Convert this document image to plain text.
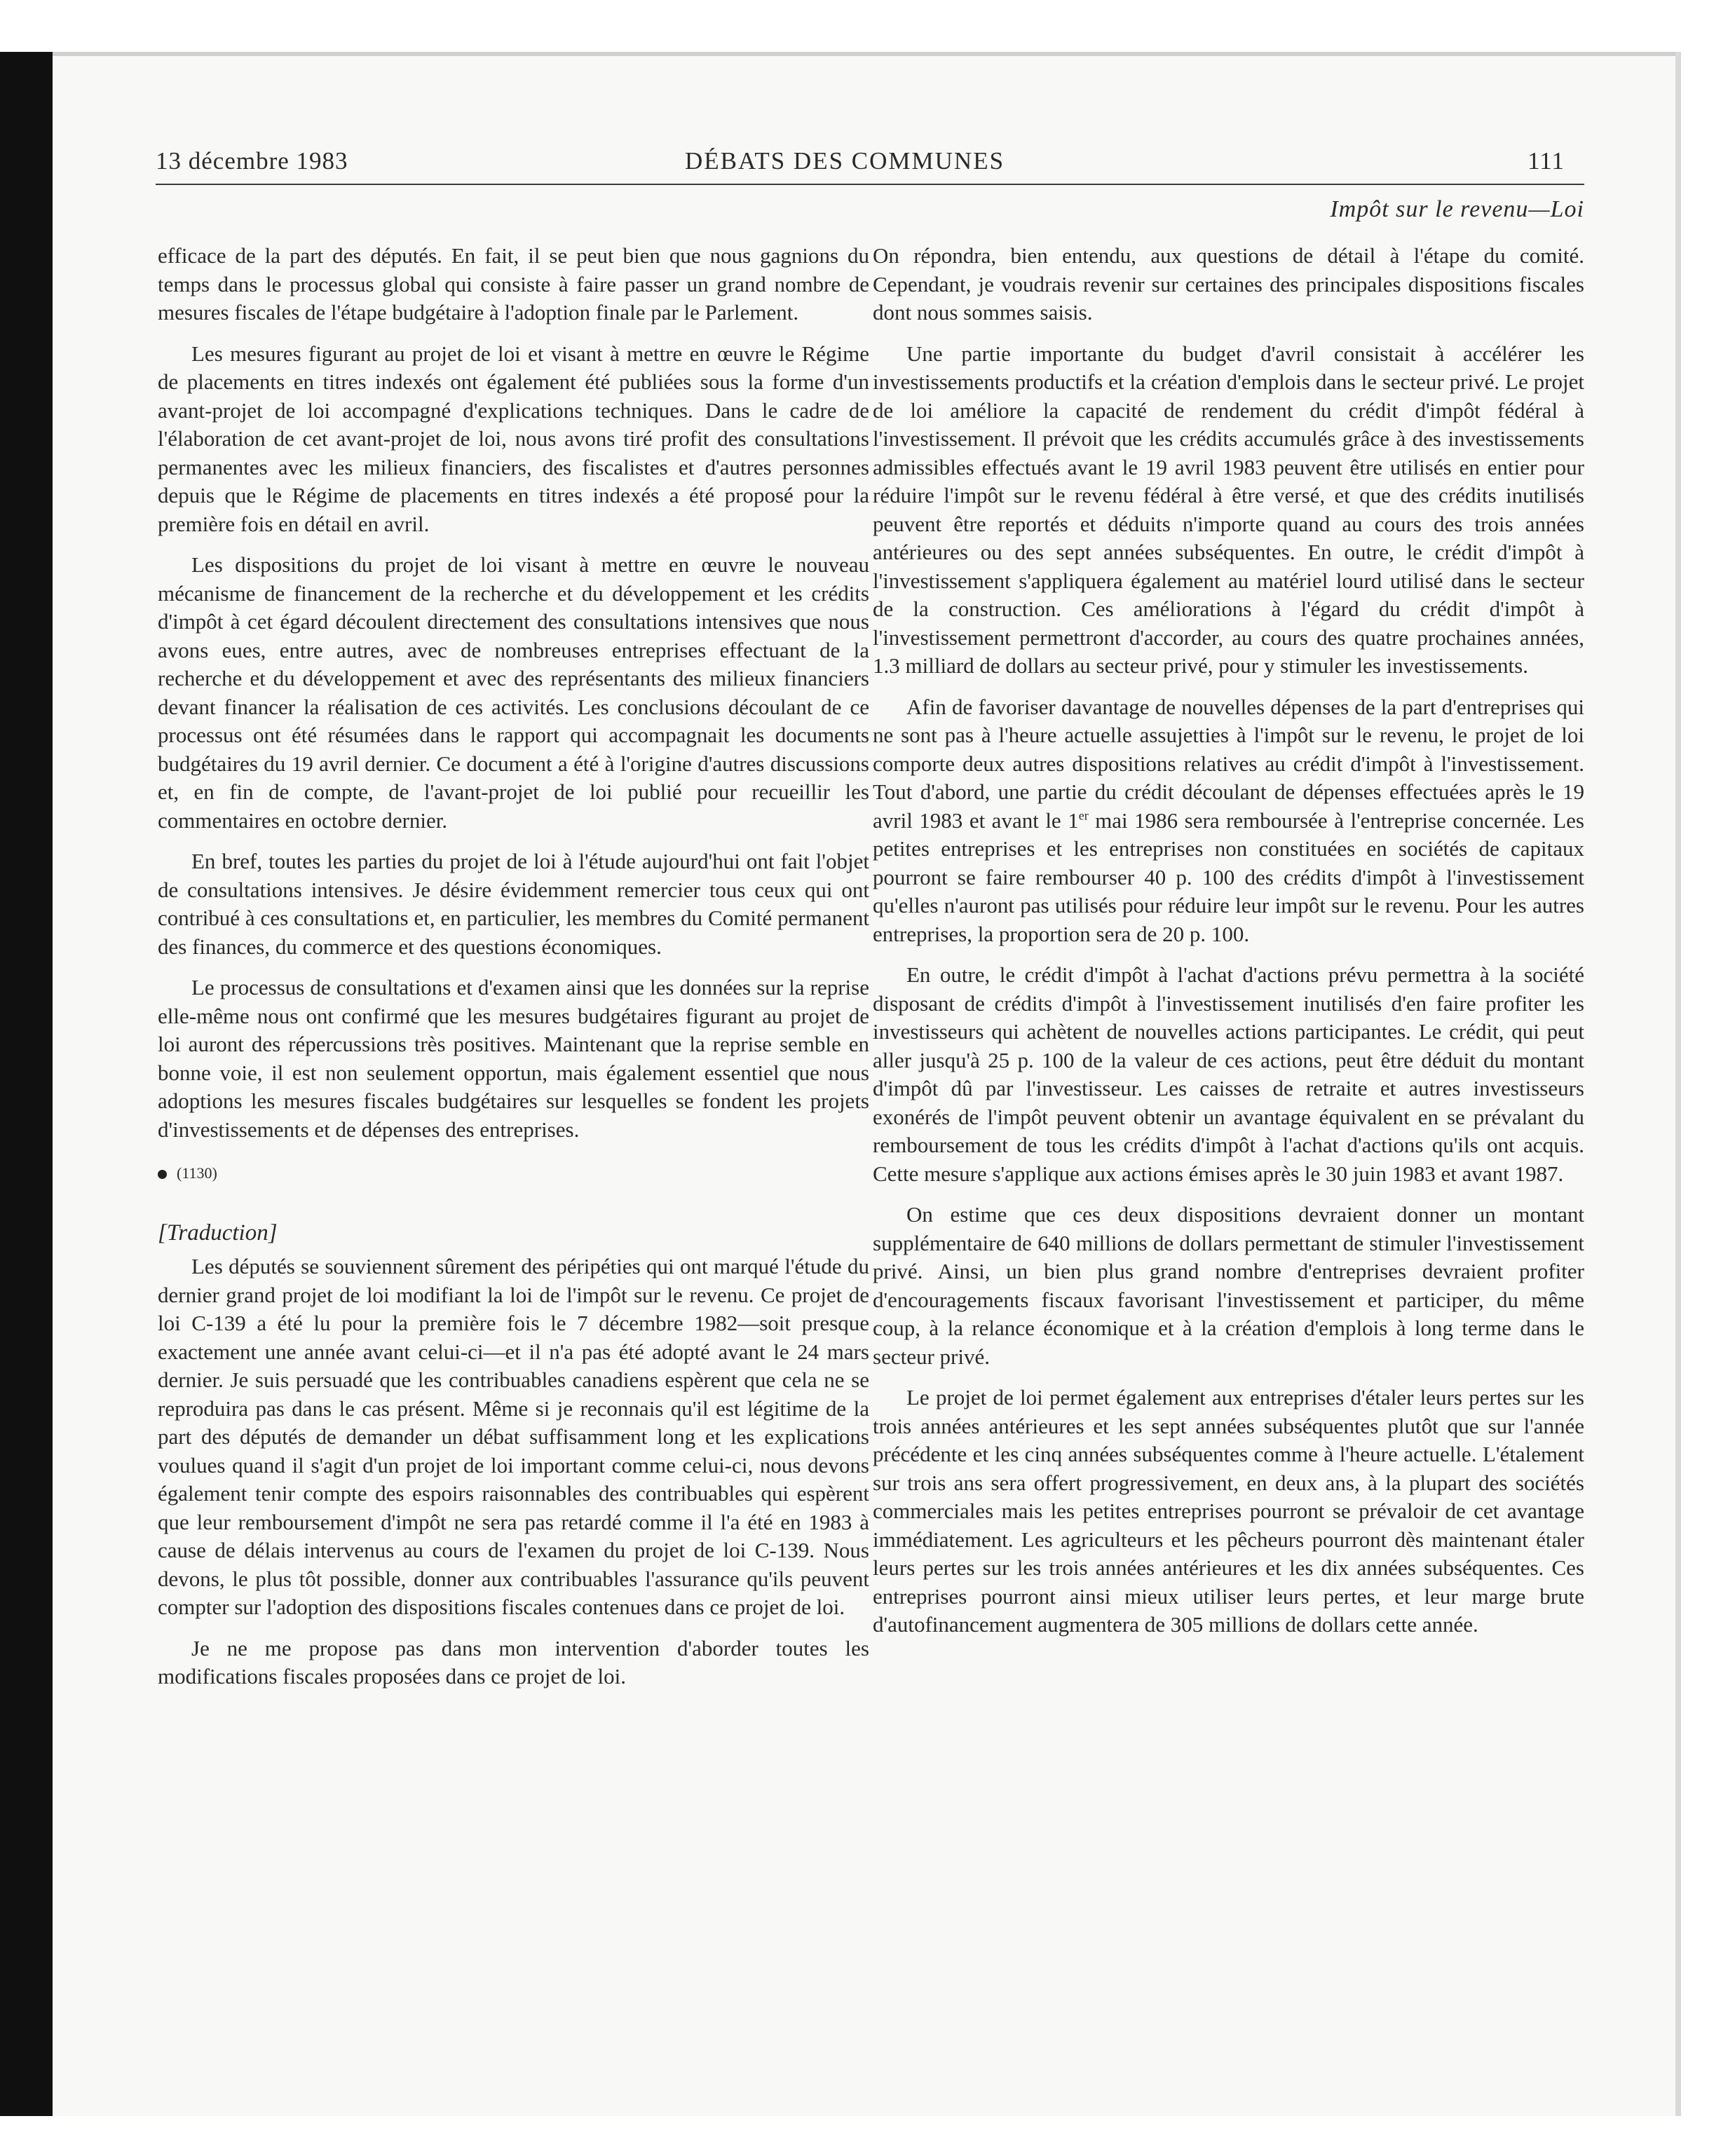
13 décembre 1983	DÉBATS DES COMMUNES	111
Impôt sur le revenu—Loi

efficace de la part des députés. En fait, il se peut bien que nous gagnions du temps dans le processus global qui consiste à faire passer un grand nombre de mesures fiscales de l'étape budgétaire à l'adoption finale par le Parlement.

Les mesures figurant au projet de loi et visant à mettre en œuvre le Régime de placements en titres indexés ont également été publiées sous la forme d'un avant-projet de loi accompagné d'explications techniques. Dans le cadre de l'élaboration de cet avant-projet de loi, nous avons tiré profit des consultations permanentes avec les milieux financiers, des fiscalistes et d'autres personnes depuis que le Régime de placements en titres indexés a été proposé pour la première fois en détail en avril.

Les dispositions du projet de loi visant à mettre en œuvre le nouveau mécanisme de financement de la recherche et du développement et les crédits d'impôt à cet égard découlent directement des consultations intensives que nous avons eues, entre autres, avec de nombreuses entreprises effectuant de la recherche et du développement et avec des représentants des milieux financiers devant financer la réalisation de ces activités. Les conclusions découlant de ce processus ont été résumées dans le rapport qui accompagnait les documents budgétaires du 19 avril dernier. Ce document a été à l'origine d'autres discussions et, en fin de compte, de l'avant-projet de loi publié pour recueillir les commentaires en octobre dernier.

En bref, toutes les parties du projet de loi à l'étude aujourd'hui ont fait l'objet de consultations intensives. Je désire évidemment remercier tous ceux qui ont contribué à ces consultations et, en particulier, les membres du Comité permanent des finances, du commerce et des questions économiques.

Le processus de consultations et d'examen ainsi que les données sur la reprise elle-même nous ont confirmé que les mesures budgétaires figurant au projet de loi auront des répercussions très positives. Maintenant que la reprise semble en bonne voie, il est non seulement opportun, mais également essentiel que nous adoptions les mesures fiscales budgétaires sur lesquelles se fondent les projets d'investissements et de dépenses des entreprises.

(1130)
[Traduction]

Les députés se souviennent sûrement des péripéties qui ont marqué l'étude du dernier grand projet de loi modifiant la loi de l'impôt sur le revenu. Ce projet de loi C-139 a été lu pour la première fois le 7 décembre 1982—soit presque exactement une année avant celui-ci—et il n'a pas été adopté avant le 24 mars dernier. Je suis persuadé que les contribuables canadiens espèrent que cela ne se reproduira pas dans le cas présent. Même si je reconnais qu'il est légitime de la part des députés de demander un débat suffisamment long et les explications voulues quand il s'agit d'un projet de loi important comme celui-ci, nous devons également tenir compte des espoirs raisonnables des contribuables qui espèrent que leur remboursement d'impôt ne sera pas retardé comme il l'a été en 1983 à cause de délais intervenus au cours de l'examen du projet de loi C-139. Nous devons, le plus tôt possible, donner aux contribuables l'assurance qu'ils peuvent compter sur l'adoption des dispositions fiscales contenues dans ce projet de loi.

Je ne me propose pas dans mon intervention d'aborder toutes les modifications fiscales proposées dans ce projet de loi.

On répondra, bien entendu, aux questions de détail à l'étape du comité. Cependant, je voudrais revenir sur certaines des principales dispositions fiscales dont nous sommes saisis.

Une partie importante du budget d'avril consistait à accélérer les investissements productifs et la création d'emplois dans le secteur privé. Le projet de loi améliore la capacité de rendement du crédit d'impôt fédéral à l'investissement. Il prévoit que les crédits accumulés grâce à des investissements admissibles effectués avant le 19 avril 1983 peuvent être utilisés en entier pour réduire l'impôt sur le revenu fédéral à être versé, et que des crédits inutilisés peuvent être reportés et déduits n'importe quand au cours des trois années antérieures ou des sept années subséquentes. En outre, le crédit d'impôt à l'investissement s'appliquera également au matériel lourd utilisé dans le secteur de la construction. Ces améliorations à l'égard du crédit d'impôt à l'investissement permettront d'accorder, au cours des quatre prochaines années, 1.3 milliard de dollars au secteur privé, pour y stimuler les investissements.

Afin de favoriser davantage de nouvelles dépenses de la part d'entreprises qui ne sont pas à l'heure actuelle assujetties à l'impôt sur le revenu, le projet de loi comporte deux autres dispositions relatives au crédit d'impôt à l'investissement. Tout d'abord, une partie du crédit découlant de dépenses effectuées après le 19 avril 1983 et avant le 1er mai 1986 sera remboursée à l'entreprise concernée. Les petites entreprises et les entreprises non constituées en sociétés de capitaux pourront se faire rembourser 40 p. 100 des crédits d'impôt à l'investissement qu'elles n'auront pas utilisés pour réduire leur impôt sur le revenu. Pour les autres entreprises, la proportion sera de 20 p. 100.

En outre, le crédit d'impôt à l'achat d'actions prévu permettra à la société disposant de crédits d'impôt à l'investissement inutilisés d'en faire profiter les investisseurs qui achètent de nouvelles actions participantes. Le crédit, qui peut aller jusqu'à 25 p. 100 de la valeur de ces actions, peut être déduit du montant d'impôt dû par l'investisseur. Les caisses de retraite et autres investisseurs exonérés de l'impôt peuvent obtenir un avantage équivalent en se prévalant du remboursement de tous les crédits d'impôt à l'achat d'actions qu'ils ont acquis. Cette mesure s'applique aux actions émises après le 30 juin 1983 et avant 1987.

On estime que ces deux dispositions devraient donner un montant supplémentaire de 640 millions de dollars permettant de stimuler l'investissement privé. Ainsi, un bien plus grand nombre d'entreprises devraient profiter d'encouragements fiscaux favorisant l'investissement et participer, du même coup, à la relance économique et à la création d'emplois à long terme dans le secteur privé.

Le projet de loi permet également aux entreprises d'étaler leurs pertes sur les trois années antérieures et les sept années subséquentes plutôt que sur l'année précédente et les cinq années subséquentes comme à l'heure actuelle. L'étalement sur trois ans sera offert progressivement, en deux ans, à la plupart des sociétés commerciales mais les petites entreprises pourront se prévaloir de cet avantage immédiatement. Les agriculteurs et les pêcheurs pourront dès maintenant étaler leurs pertes sur les trois années antérieures et les dix années subséquentes. Ces entreprises pourront ainsi mieux utiliser leurs pertes, et leur marge brute d'autofinancement augmentera de 305 millions de dollars cette année.
